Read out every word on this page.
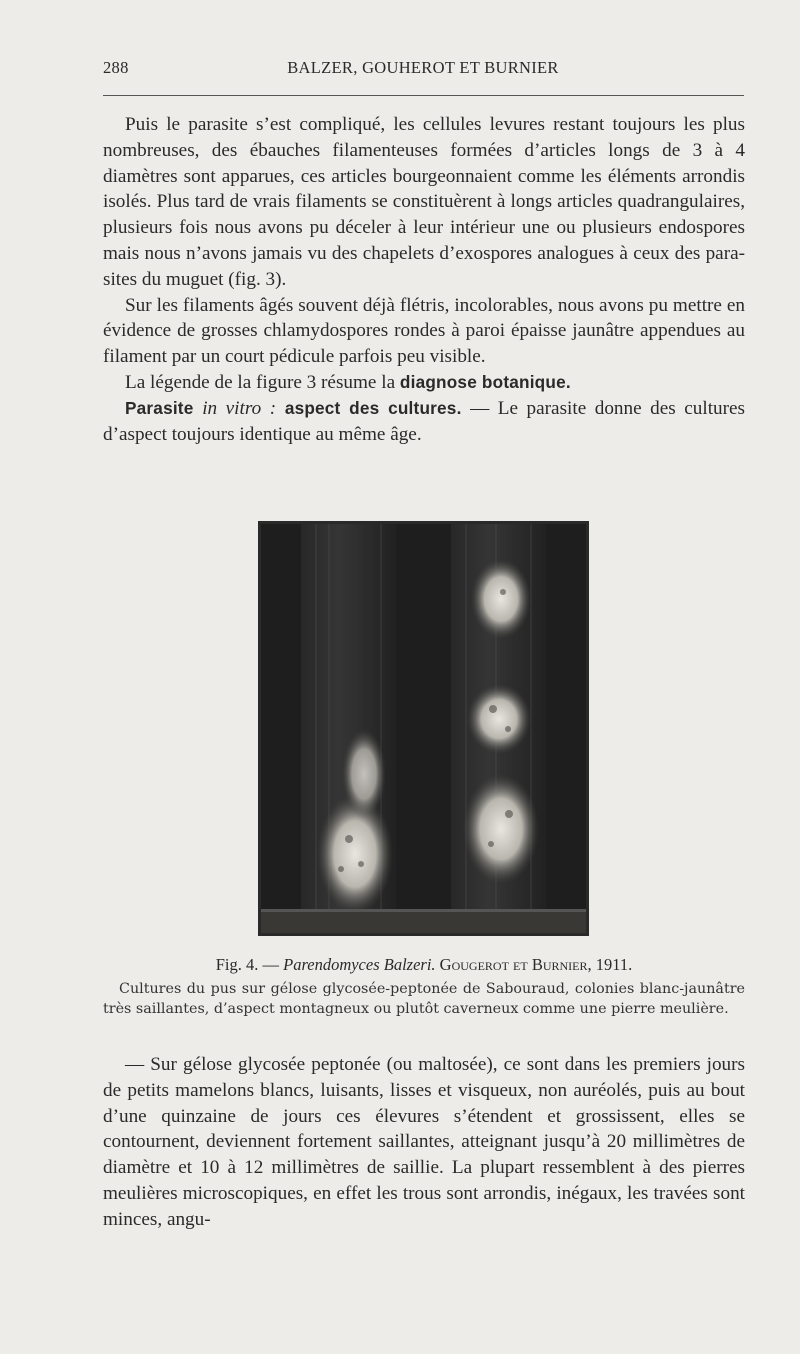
288	BALZER, GOUHEROT ET BURNIER

Puis le parasite s’est compliqué, les cellules levures restant toujours les plus nombreuses, des ébauches filamenteuses formées d’articles longs de 3 à 4 diamètres sont apparues, ces articles bourgeonnaient comme les éléments arrondis isolés. Plus tard de vrais filaments se constituèrent à longs articles quadrangulaires, plusieurs fois nous avons pu déceler à leur intérieur une ou plusieurs endospores mais nous n’avons jamais vu des chapelets d’exospores analogues à ceux des parasites du muguet (fig. 3).

Sur les filaments âgés souvent déjà flétris, incolorables, nous avons pu mettre en évidence de grosses chlamydospores rondes à paroi épaisse jaunâtre appendues au filament par un court pédicule parfois peu visible.

La légende de la figure 3 résume la diagnose botanique.

Parasite in vitro : aspect des cultures. — Le parasite donne des cultures d’aspect toujours identique au même âge.

Fig. 4. — Parendomyces Balzeri. Gougerot et Burnier, 1911.
Cultures du pus sur gélose glycosée-peptonée de Sabouraud, colonies blanc-jaunâtre très saillantes, d’aspect montagneux ou plutôt caverneux comme une pierre meulière.

— Sur gélose glycosée peptonée (ou maltosée), ce sont dans les premiers jours de petits mamelons blancs, luisants, lisses et visqueux, non auréolés, puis au bout d’une quinzaine de jours ces élevures s’étendent et grossissent, elles se contournent, deviennent fortement saillantes, atteignant jusqu’à 20 millimètres de diamètre et 10 à 12 millimètres de saillie. La plupart ressemblent à des pierres meulières microscopiques, en effet les trous sont arrondis, inégaux, les travées sont minces, angu-
